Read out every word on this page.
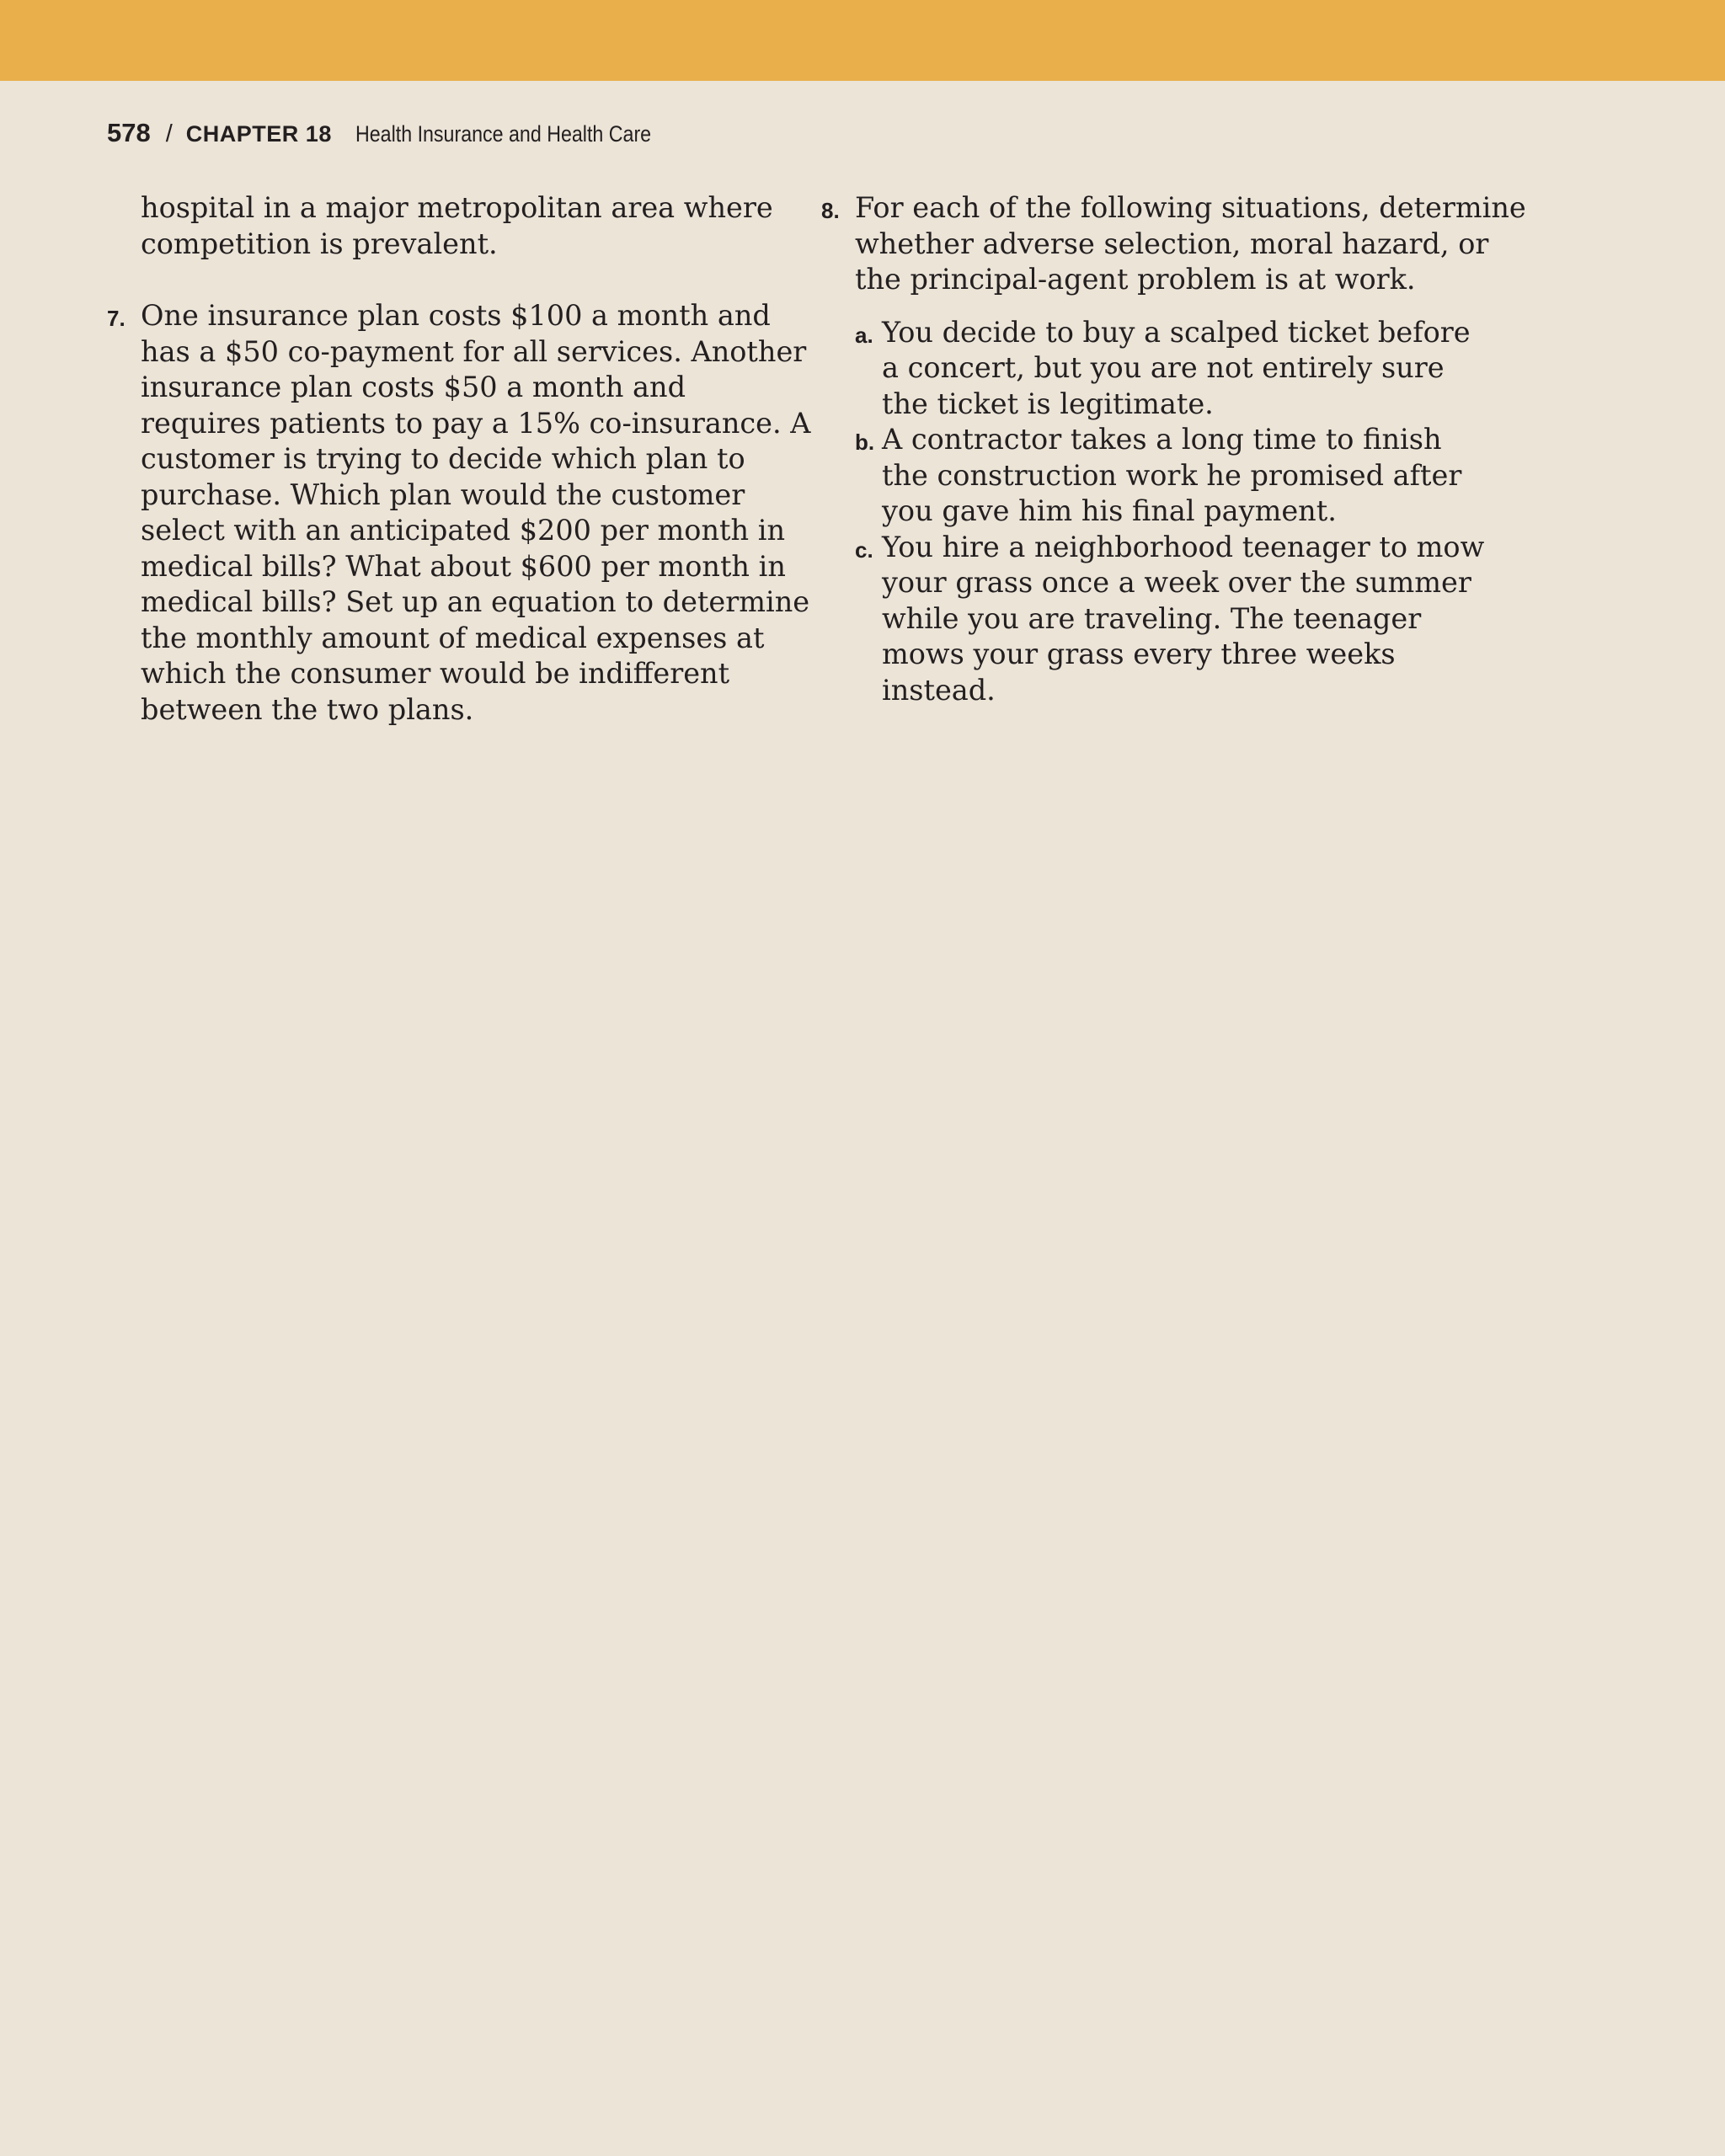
578 / CHAPTER 18 Health Insurance and Health Care
hospital in a major metropolitan area where competition is prevalent.
7. One insurance plan costs $100 a month and has a $50 co-payment for all services. Another insurance plan costs $50 a month and requires patients to pay a 15% co-insurance. A customer is trying to decide which plan to purchase. Which plan would the customer select with an anticipated $200 per month in medical bills? What about $600 per month in medical bills? Set up an equation to determine the monthly amount of medical expenses at which the consumer would be indifferent between the two plans.
8. For each of the following situations, determine whether adverse selection, moral hazard, or the principal-agent problem is at work.
a. You decide to buy a scalped ticket before a concert, but you are not entirely sure the ticket is legitimate.
b. A contractor takes a long time to finish the construction work he promised after you gave him his final payment.
c. You hire a neighborhood teenager to mow your grass once a week over the summer while you are traveling. The teenager mows your grass every three weeks instead.
